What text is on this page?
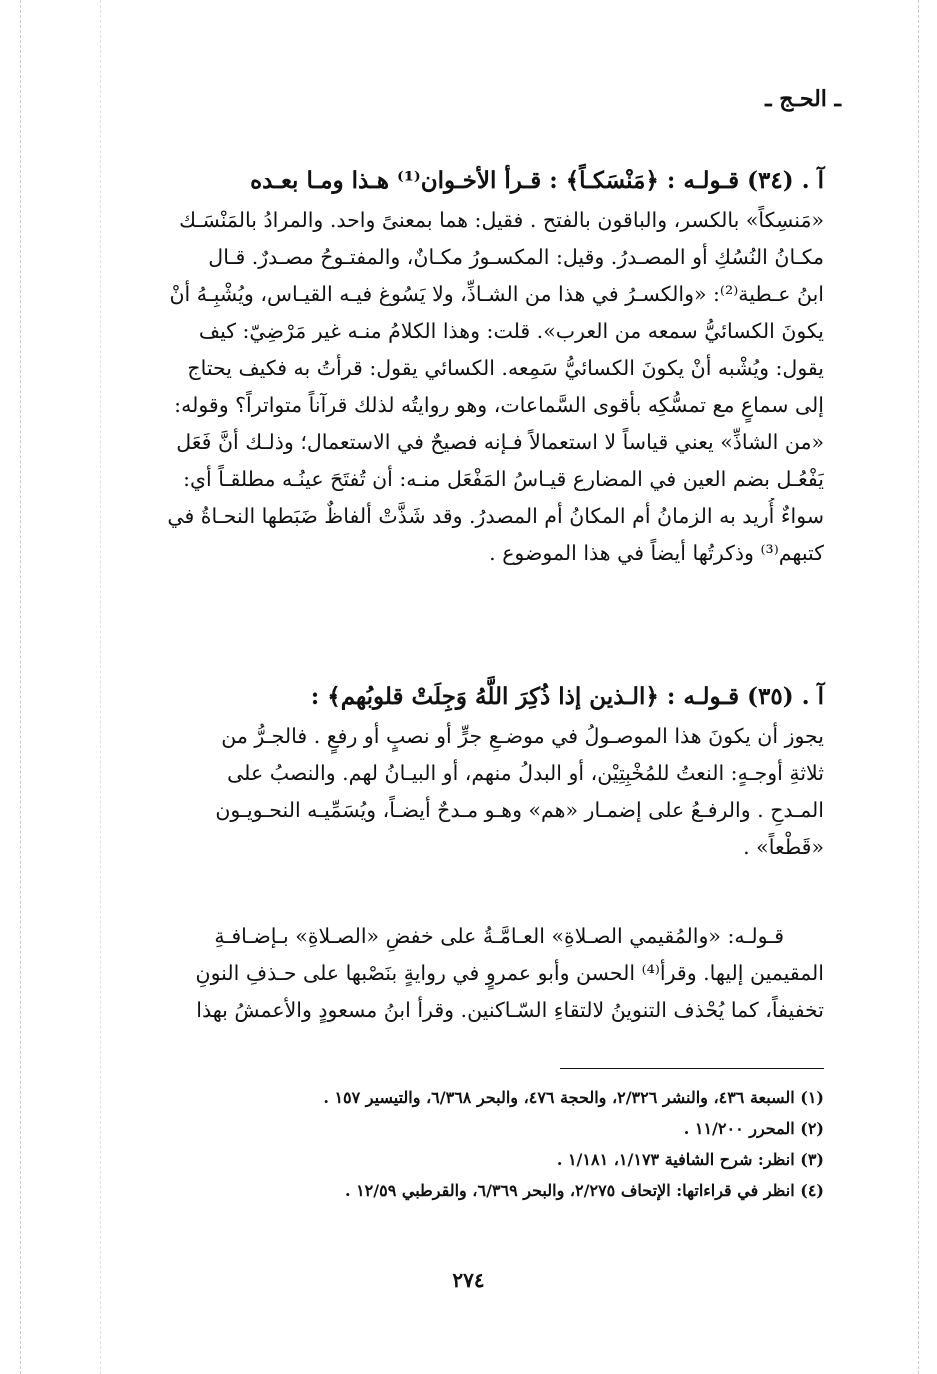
ـ الحـج ـ
آ . (٣٤) قـولـه : ﴿مَنْسَكـاً﴾ : قـرأ الأخـوان⁽¹⁾ هـذا ومـا بعـده
«مَنسِكاً» بالكسر، والباقون بالفتح . فقيل: هما بمعنىً واحد. والمرادُ بالمَنْسَـك
مكـانُ النُسُكِ أو المصـدرُ. وقيل: المكسـورُ مكـانٌ، والمفتـوحُ مصـدرٌ. قـال
ابنُ عـطية⁽²⁾: «والكسـرُ في هذا من الشـاذِّ، ولا يَسُوغ فيـه القيـاس، ويُشْبِـهُ أنْ
يكونَ الكسائيُّ سمعه من العرب». قلت: وهذا الكلامُ منـه غير مَرْضِيّ: كيف
يقول: ويُشْبه أنْ يكونَ الكسائيُّ سَمِعه. الكسائي يقول: قرأتُ به فكيف يحتاج
إلى سماعٍ مع تمسُّكِه بأقوى السَّماعات، وهو روايتُه لذلك قرآناً متواتراً؟ وقوله:
«من الشاذِّ» يعني قياساً لا استعمالاً فـإنه فصيحٌ في الاستعمال؛ وذلـك أنَّ فَعَل
يَفْعُـل بضم العين في المضارع قيـاسُ المَفْعَل منـه: أن تُفتَحَ عينُـه مطلقـاً أي:
سواءٌ أُريد به الزمانُ أم المكانُ أم المصدرُ. وقد شَذَّتْ ألفاظٌ ضَبَطها النحـاةُ في
كتبهم⁽³⁾ وذكرتُها أيضاً في هذا الموضوع .
آ . (٣٥) قـولـه : ﴿الـذين إذا ذُكِرَ اللَّهُ وَجِلَتْ قلوبُهم﴾ :
يجوز أن يكونَ هذا الموصـولُ في موضـعِ جرٍّ أو نصبٍ أو رفعٍ . فالجـرُّ من
ثلاثةِ أوجـهٍ: النعتُ للمُخْبِتِيْن، أو البدلُ منهم، أو البيـانُ لهم. والنصبُ على
المـدحِ . والرفـعُ على إضمـار «هم» وهـو مـدحٌ أيضـاً، ويُسَمِّيـه النحـويـون
«قَطْعاً» .
قـولـه: «والمُقيمي الصـلاةِ» العـامَّـةُ على خفضِ «الصـلاةِ» بـإضـافـةِ
المقيمين إليها. وقرأ⁽⁴⁾ الحسن وأبو عمروٍ في روايةٍ بنَصْبها على حـذفِ النونِ
تخفيفاً، كما يُحْذف التنوينُ لالتقاءِ السّـاكنين. وقرأ ابنُ مسعودٍ والأعمشُ بهذا
(١) السبعة ٤٣٦، والنشر ٢/٣٢٦، والحجة ٤٧٦، والبحر ٦/٣٦٨، والتيسير ١٥٧ .
(٢) المحرر ١١/٢٠٠ .
(٣) انظر: شرح الشافية ١/١٧٣، ١/١٨١ .
(٤) انظر في قراءاتها: الإتحاف ٢/٢٧٥، والبحر ٦/٣٦٩، والقرطبي ١٢/٥٩ .
٢٧٤
